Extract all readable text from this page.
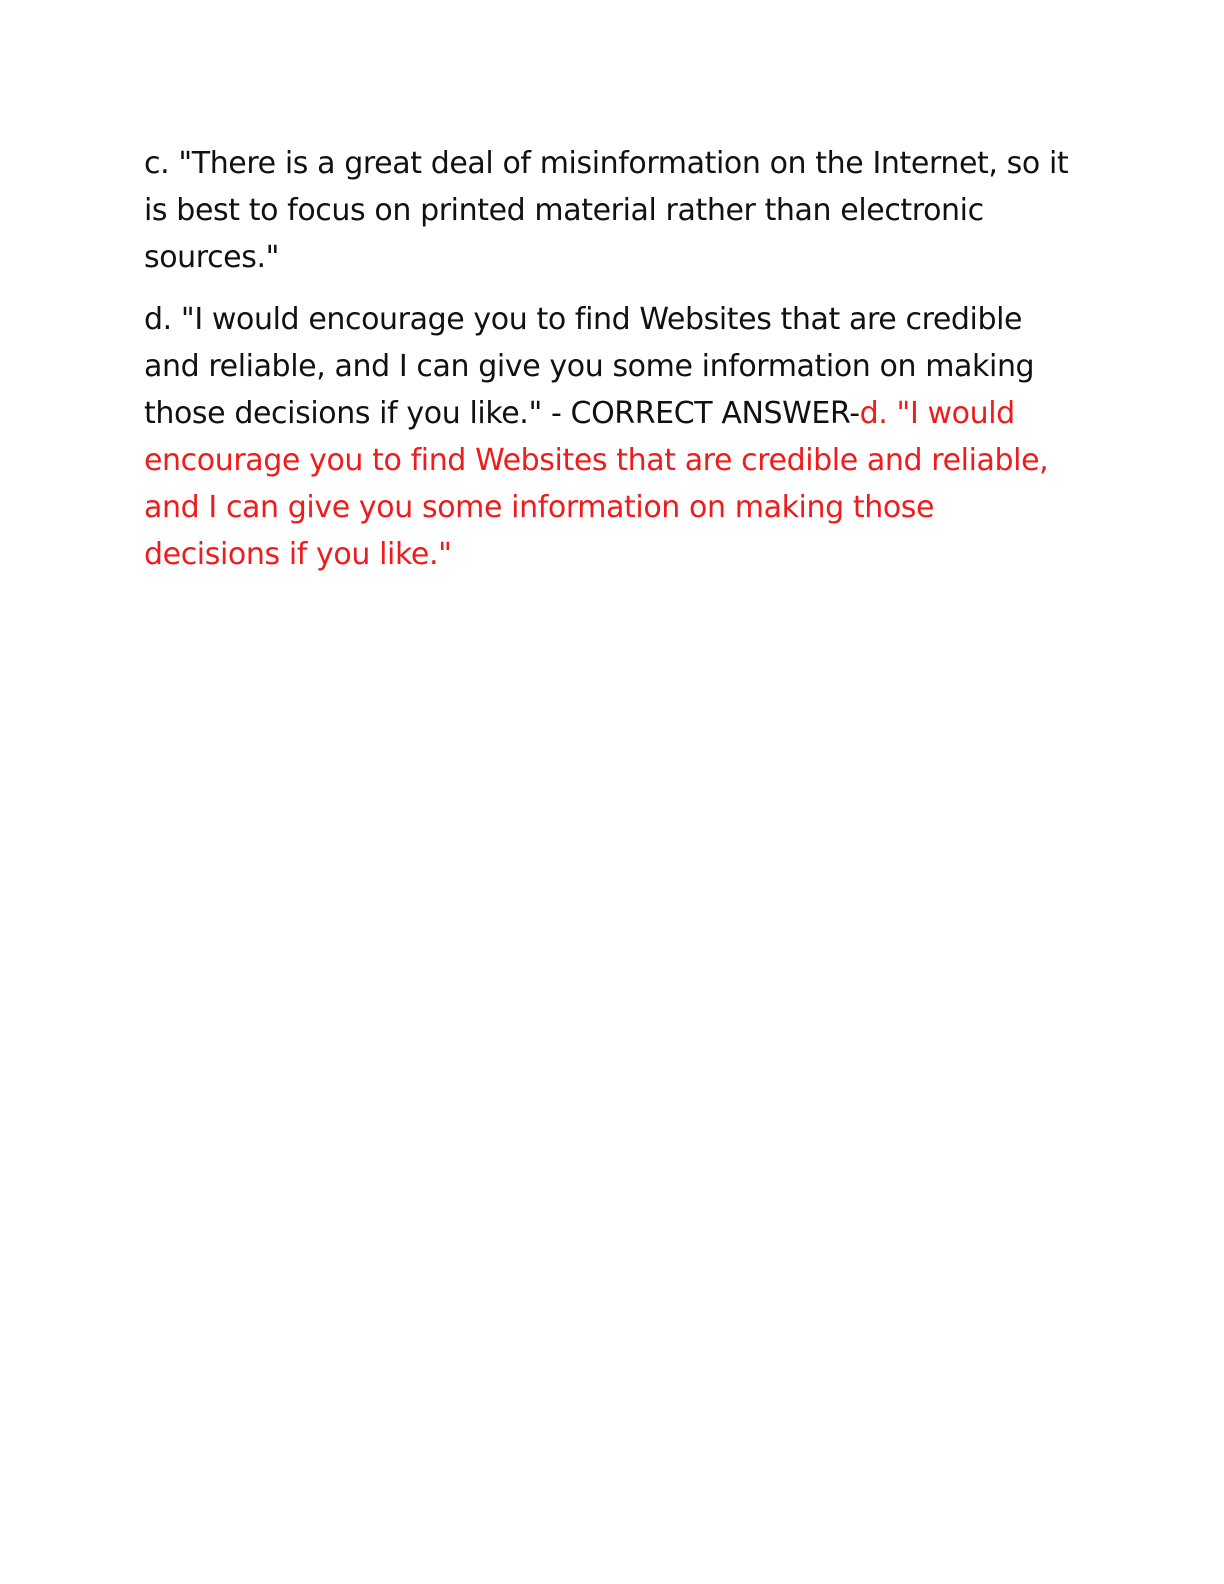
c. "There is a great deal of misinformation on the Internet, so it is best to focus on printed material rather than electronic sources."

d. "I would encourage you to find Websites that are credible and reliable, and I can give you some information on making those decisions if you like." - CORRECT ANSWER-d. "I would encourage you to find Websites that are credible and reliable, and I can give you some information on making those decisions if you like."
